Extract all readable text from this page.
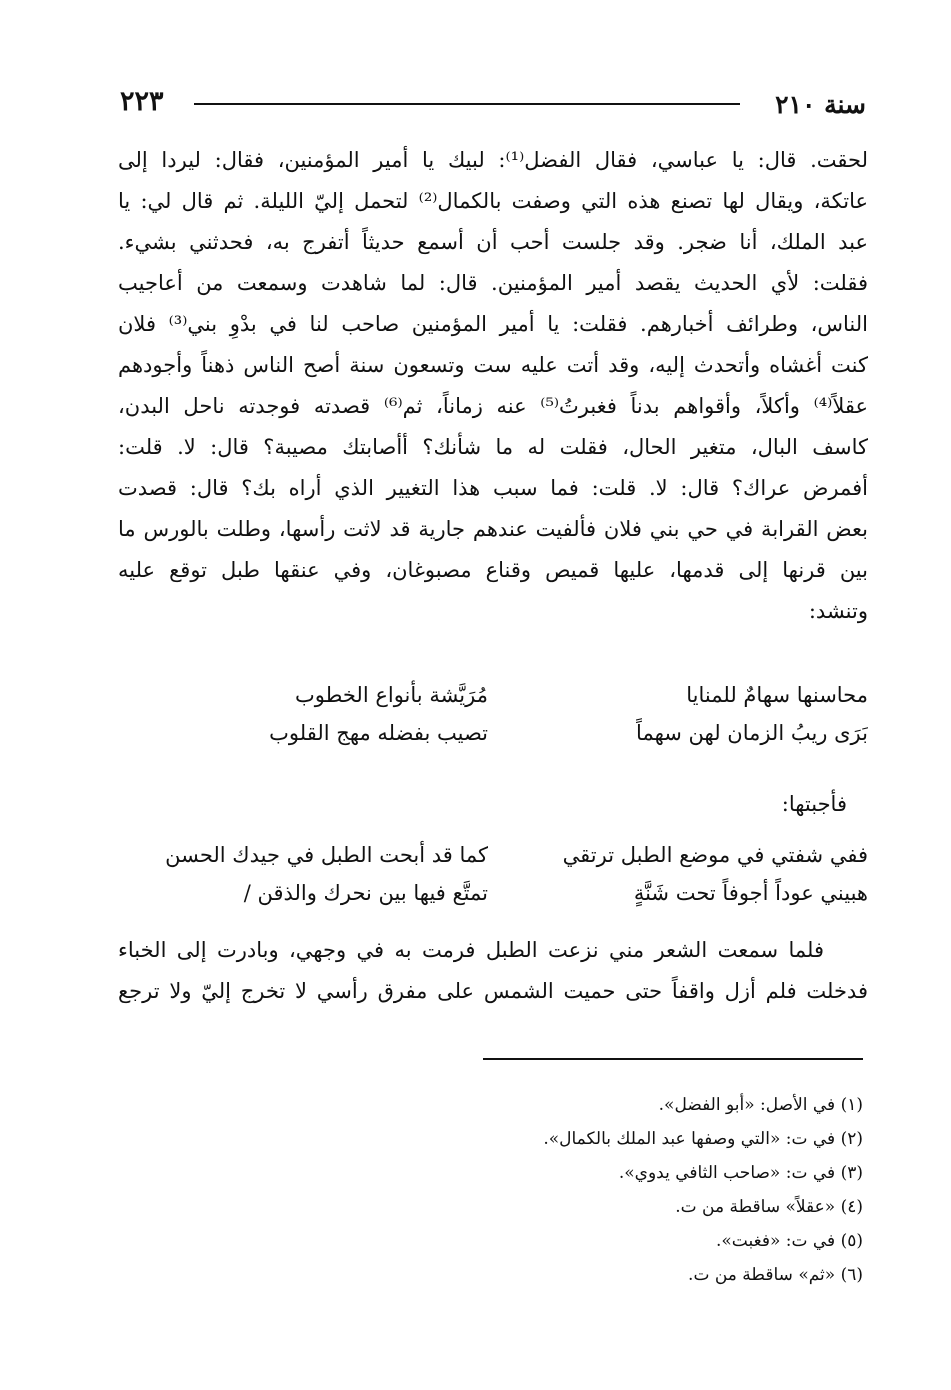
سنة ٢١٠
٢٢٣
لحقت. قال: يا عباسي، فقال الفضل⁽¹⁾: لبيك يا أمير المؤمنين، فقال: ليردا إلى
عاتكة، ويقال لها تصنع هذه التي وصفت بالكمال⁽²⁾ لتحمل إليّ الليلة. ثم قال لي: يا
عبد الملك، أنا ضجر. وقد جلست أحب أن أسمع حديثاً أتفرج به، فحدثني بشيء.
فقلت: لأي الحديث يقصد أمير المؤمنين. قال: لما شاهدت وسمعت من أعاجيب
الناس، وطرائف أخبارهم. فقلت: يا أمير المؤمنين صاحب لنا في بدْوِ بني⁽³⁾ فلان
كنت أغشاه وأتحدث إليه، وقد أتت عليه ست وتسعون سنة أصح الناس ذهناً وأجودهم
عقلاً⁽⁴⁾ وأكلاً، وأقواهم بدناً فغبرتُ⁽⁵⁾ عنه زماناً، ثم⁽⁶⁾ قصدته فوجدته ناحل البدن،
كاسف البال، متغير الحال، فقلت له ما شأنك؟ أأصابتك مصيبة؟ قال: لا. قلت:
أفمرض عراك؟ قال: لا. قلت: فما سبب هذا التغيير الذي أراه بك؟ قال: قصدت
بعض القرابة في حي بني فلان فألفيت عندهم جارية قد لاثت رأسها، وطلت بالورس ما
بين قرنها إلى قدمها، عليها قميص وقناع مصبوغان، وفي عنقها طبل توقع عليه
وتنشد:
محاسنها سهامٌ للمنايا
مُرَيَّشة بأنواع الخطوب
بَرَى ريبُ الزمان لهن سهماً
تصيب بفضله مهج القلوب
فأجبتها:
ففي شفتي في موضع الطبل ترتقي
كما قد أبحت الطبل في جيدك الحسن
هبيني عوداً أجوفاً تحت شَنَّةٍ
تمتَّع فيها بين نحرك والذقن /
فلما سمعت الشعر مني نزعت الطبل فرمت به في وجهي، وبادرت إلى الخباء
فدخلت فلم أزل واقفاً حتى حميت الشمس على مفرق رأسي لا تخرج إليّ ولا ترجع
(١) في الأصل: «أبو الفضل».
(٢) في ت: «التي وصفها عبد الملك بالكمال».
(٣) في ت: «صاحب الثافي يدوي».
(٤) «عقلاً» ساقطة من ت.
(٥) في ت: «فغبت».
(٦) «ثم» ساقطة من ت.
